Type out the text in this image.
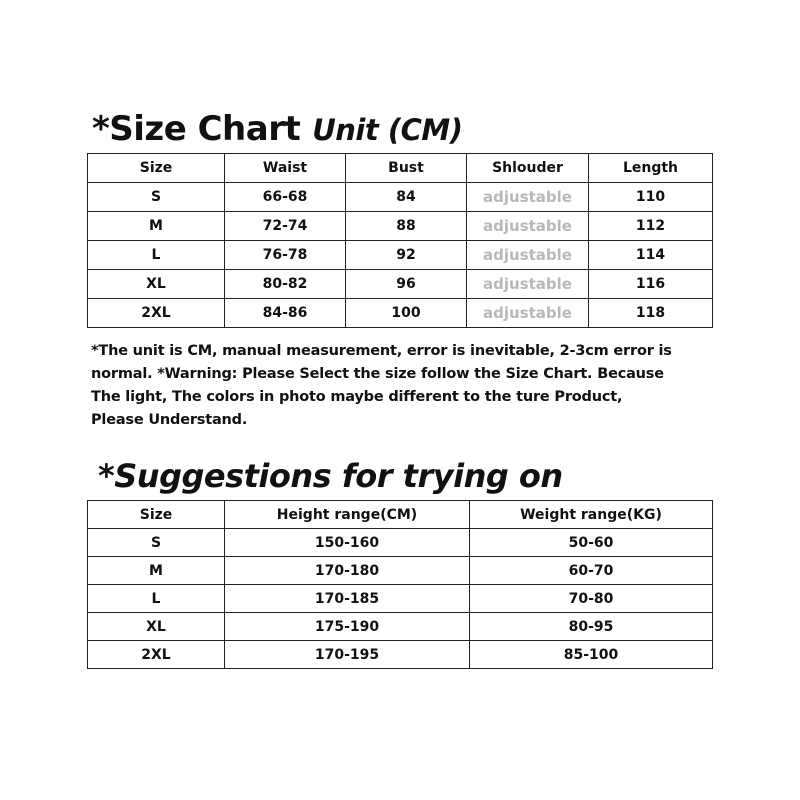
*Size Chart Unit (CM)
Size	Waist	Bust	Shlouder	Length
S	66-68	84	adjustable	110
M	72-74	88	adjustable	112
L	76-78	92	adjustable	114
XL	80-82	96	adjustable	116
2XL	84-86	100	adjustable	118

*The unit is CM, manual measurement, error is inevitable, 2-3cm error is

normal. *Warning: Please Select the size follow the Size Chart. Because

The light, The colors in photo maybe different to the ture Product,

Please Understand.

*Suggestions for trying on
Size	Height range(CM)	Weight range(KG)
S	150-160	50-60
M	170-180	60-70
L	170-185	70-80
XL	175-190	80-95
2XL	170-195	85-100
